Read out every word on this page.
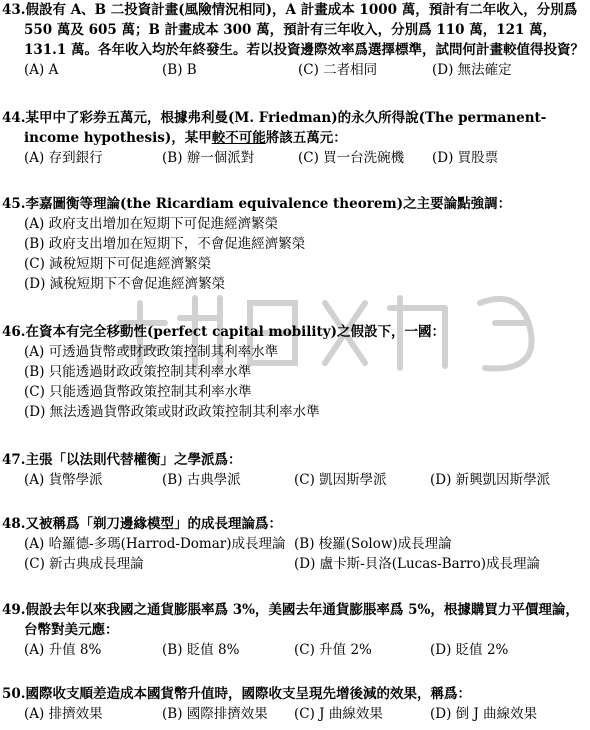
43.假設有 A、B 二投資計畫(風險情況相同)，A 計畫成本 1000 萬，預計有二年收入，分別爲 550 萬及 605 萬；B 計畫成本 300 萬，預計有三年收入，分別爲 110 萬，121 萬，131.1 萬。各年收入均於年終發生。若以投資邊際效率爲選擇標準，試問何計畫較值得投資？

(A) A	(B) B	(C) 二者相同	(D) 無法確定

44.某甲中了彩券五萬元，根據弗利曼(M. Friedman)的永久所得說(The permanent-income hypothesis)，某甲較不可能將該五萬元：

(A) 存到銀行	(B) 辦一個派對	(C) 買一台洗碗機 (D) 買股票

45.李嘉圖衡等理論(the Ricardiam equivalence theorem)之主要論點強調：

(A) 政府支出增加在短期下可促進經濟繁榮
(B) 政府支出增加在短期下，不會促進經濟繁榮
(C) 減稅短期下可促進經濟繁榮
(D) 減稅短期下不會促進經濟繁榮

46.在資本有完全移動性(perfect capital mobility)之假設下，一國：

(A) 可透過貨幣或財政政策控制其利率水準
(B) 只能透過財政政策控制其利率水準
(C) 只能透過貨幣政策控制其利率水準
(D) 無法透過貨幣政策或財政政策控制其利率水準

47.主張「以法則代替權衡」之學派爲：

(A) 貨幣學派	(B) 古典學派	(C) 凱因斯學派	(D) 新興凱因斯學派

48.又被稱爲「剃刀邊緣模型」的成長理論爲：

(A) 哈羅德-多瑪(Harrod-Domar)成長理論 (B) 梭羅(Solow)成長理論
(C) 新古典成長理論	(D) 盧卡斯-貝洛(Lucas-Barro)成長理論

49.假設去年以來我國之通貨膨脹率爲 3%，美國去年通貨膨脹率爲 5%，根據購買力平價理論，台幣對美元應：

(A) 升值 8%	(B) 貶值 8%	(C) 升值 2%	(D) 貶值 2%

50.國際收支順差造成本國貨幣升值時，國際收支呈現先增後減的效果，稱爲：

(A) 排擠效果	(B) 國際排擠效果 (C) J 曲線效果	(D) 倒 J 曲線效果
